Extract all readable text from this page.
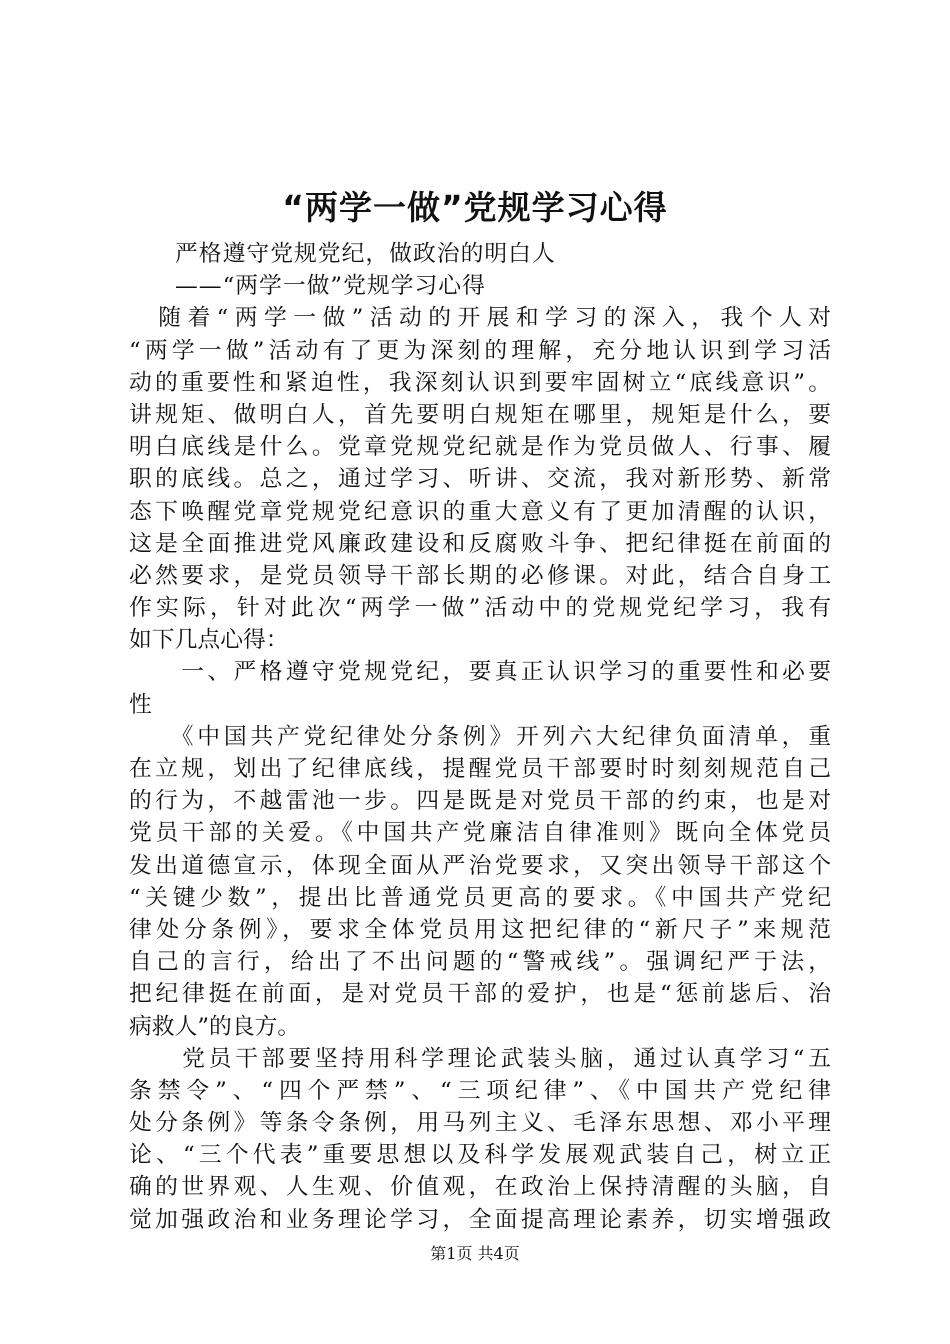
“两学一做”党规学习心得
严格遵守党规党纪，做政治的明白人
——“两学一做”党规学习心得
　随着“两学一做”活动的开展和学习的深入，我个人对
“两学一做”活动有了更为深刻的理解，充分地认识到学习活
动的重要性和紧迫性，我深刻认识到要牢固树立“底线意识”。
讲规矩、做明白人，首先要明白规矩在哪里，规矩是什么，要
明白底线是什么。党章党规党纪就是作为党员做人、行事、履
职的底线。总之，通过学习、听讲、交流，我对新形势、新常
态下唤醒党章党规党纪意识的重大意义有了更加清醒的认识，
这是全面推进党风廉政建设和反腐败斗争、把纪律挺在前面的
必然要求，是党员领导干部长期的必修课。对此，结合自身工
作实际，针对此次“两学一做”活动中的党规党纪学习，我有
如下几点心得：
　　一、严格遵守党规党纪，要真正认识学习的重要性和必要
性
　　《中国共产党纪律处分条例》开列六大纪律负面清单，重
在立规，划出了纪律底线，提醒党员干部要时时刻刻规范自己
的行为，不越雷池一步。四是既是对党员干部的约束，也是对
党员干部的关爱。《中国共产党廉洁自律准则》既向全体党员
发出道德宣示，体现全面从严治党要求，又突出领导干部这个
“关键少数”，提出比普通党员更高的要求。《中国共产党纪
律处分条例》，要求全体党员用这把纪律的“新尺子”来规范
自己的言行，给出了不出问题的“警戒线”。强调纪严于法，
把纪律挺在前面，是对党员干部的爱护，也是“惩前毖后、治
病救人”的良方。
　　党员干部要坚持用科学理论武装头脑，通过认真学习“五
条禁令”、“四个严禁”、“三项纪律”、《中国共产党纪律
处分条例》等条令条例，用马列主义、毛泽东思想、邓小平理
论、“三个代表”重要思想以及科学发展观武装自己，树立正
确的世界观、人生观、价值观，在政治上保持清醒的头脑，自
觉加强政治和业务理论学习，全面提高理论素养，切实增强政
第1页 共4页
